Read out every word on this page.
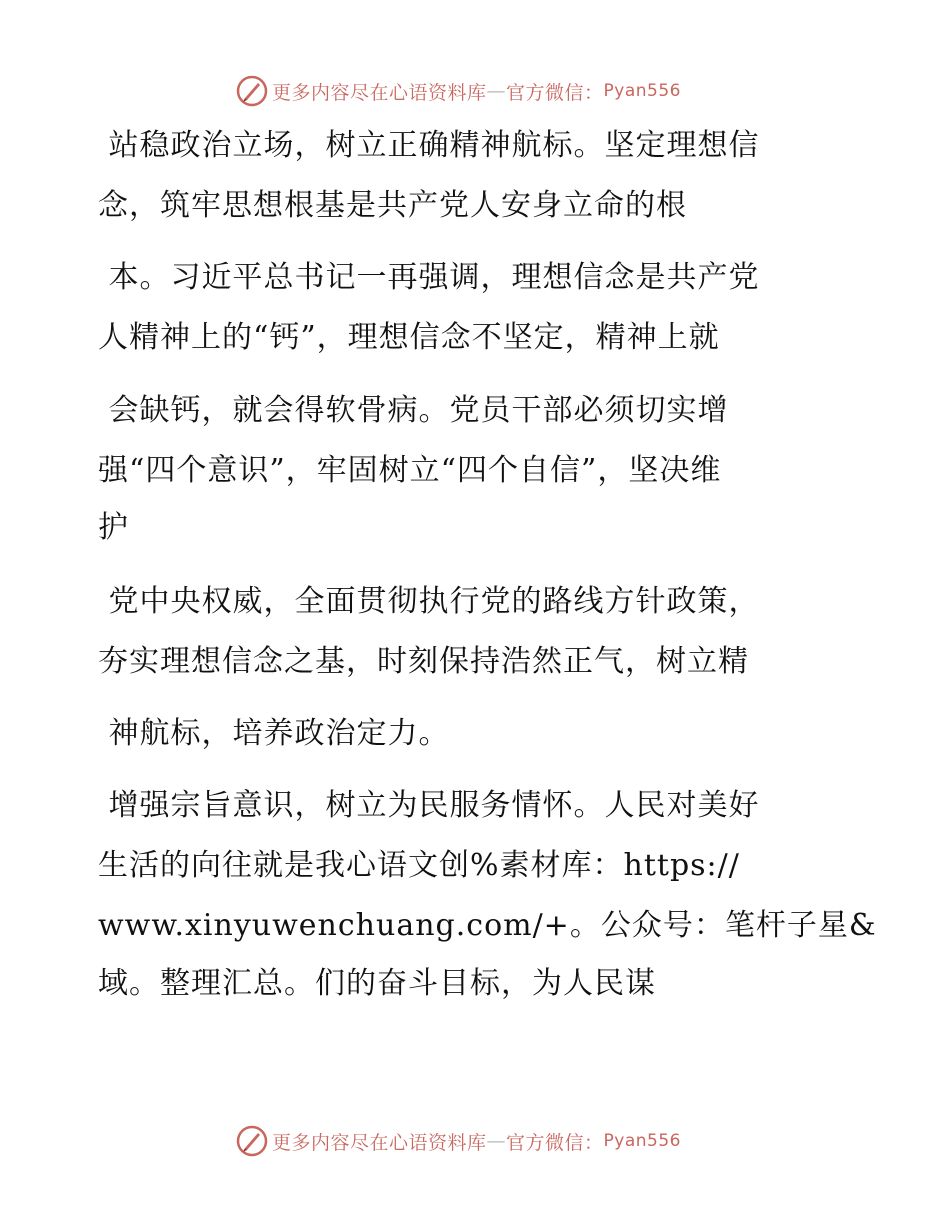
更多内容尽在心语资料库 — 官方微信： Pyan556
站稳政治立场，树立正确精神航标。坚定理想信
念，筑牢思想根基是共产党人安身立命的根
本。习近平总书记一再强调，理想信念是共产党
人精神上的“钙”，理想信念不坚定，精神上就
会缺钙，就会得软骨病。党员干部必须切实增
强“四个意识”，牢固树立“四个自信”，坚决维
护
党中央权威，全面贯彻执行党的路线方针政策，
夯实理想信念之基，时刻保持浩然正气，树立精
神航标，培养政治定力。
增强宗旨意识，树立为民服务情怀。人民对美好
生活的向往就是我心语文创%素材库：https://
www.xinyuwenchuang.com/+。公众号：笔杆子星&
域。整理汇总。们的奋斗目标，为人民谋
更多内容尽在心语资料库 — 官方微信： Pyan556
